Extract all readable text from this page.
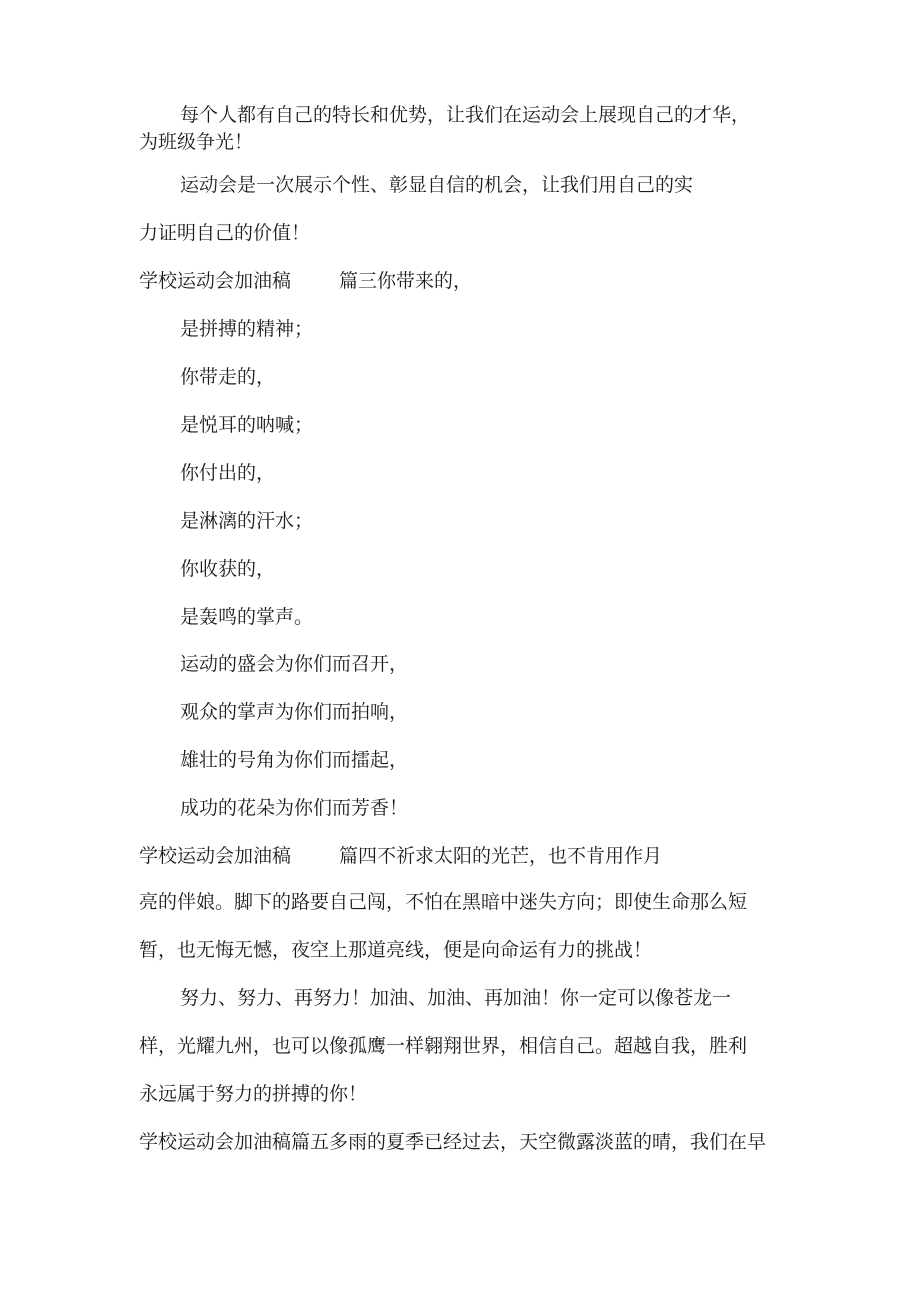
每个人都有自己的特长和优势，让我们在运动会上展现自己的才华，
为班级争光！
运动会是一次展示个性、彰显自信的机会，让我们用自己的实
力证明自己的价值！
学校运动会加油稿	篇三你带来的，
是拼搏的精神；
你带走的，
是悦耳的呐喊；
你付出的，
是淋漓的汗水；
你收获的，
是轰鸣的掌声。
运动的盛会为你们而召开，
观众的掌声为你们而拍响，
雄壮的号角为你们而擂起，
成功的花朵为你们而芳香！
学校运动会加油稿	篇四不祈求太阳的光芒，也不肯用作月
亮的伴娘。脚下的路要自己闯，不怕在黑暗中迷失方向；即使生命那么短
暂，也无悔无憾，夜空上那道亮线，便是向命运有力的挑战！
努力、努力、再努力！加油、加油、再加油！你一定可以像苍龙一
样，光耀九州，也可以像孤鹰一样翱翔世界，相信自己。超越自我，胜利
永远属于努力的拼搏的你！
学校运动会加油稿篇五多雨的夏季已经过去，天空微露淡蓝的晴，我们在早
